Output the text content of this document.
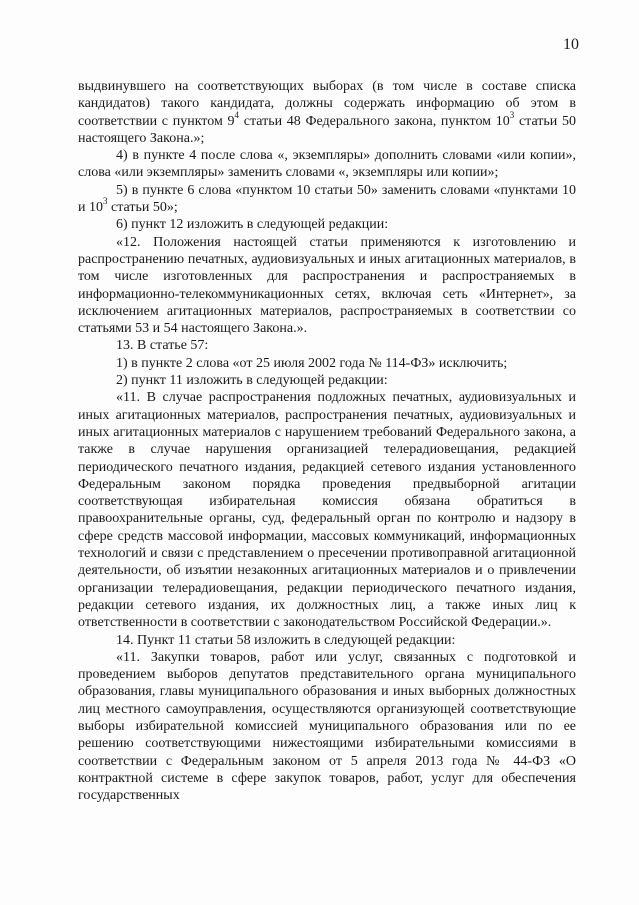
10

выдвинувшего на соответствующих выборах (в том числе в составе списка кандидатов) такого кандидата, должны содержать информацию об этом в соответствии с пунктом $9^4$ статьи 48 Федерального закона, пунктом $10^3$ статьи 50 настоящего Закона.»;

4) в пункте 4 после слова «, экземпляры» дополнить словами «или копии», слова «или экземпляры» заменить словами «, экземпляры или копии»;

5) в пункте 6 слова «пунктом 10 статьи 50» заменить словами «пунктами 10 и $10^3$ статьи 50»;

6) пункт 12 изложить в следующей редакции:

«12. Положения настоящей статьи применяются к изготовлению и распространению печатных, аудиовизуальных и иных агитационных материалов, в том числе изготовленных для распространения и распространяемых в информационно-телекоммуникационных сетях, включая сеть «Интернет», за исключением агитационных материалов, распространяемых в соответствии со статьями 53 и 54 настоящего Закона.».

13. В статье 57:

1) в пункте 2 слова «от 25 июля 2002 года № 114-ФЗ» исключить;

2) пункт 11 изложить в следующей редакции:

«11. В случае распространения подложных печатных, аудиовизуальных и иных агитационных материалов, распространения печатных, аудиовизуальных и иных агитационных материалов с нарушением требований Федерального закона, а также в случае нарушения организацией телерадиовещания, редакцией периодического печатного издания, редакцией сетевого издания установленного Федеральным законом порядка проведения предвыборной агитации соответствующая избирательная комиссия обязана обратиться в правоохранительные органы, суд, федеральный орган по контролю и надзору в сфере средств массовой информации, массовых коммуникаций, информационных технологий и связи с представлением о пресечении противоправной агитационной деятельности, об изъятии незаконных агитационных материалов и о привлечении организации телерадиовещания, редакции периодического печатного издания, редакции сетевого издания, их должностных лиц, а также иных лиц к ответственности в соответствии с законодательством Российской Федерации.».

14. Пункт 11 статьи 58 изложить в следующей редакции:

«11. Закупки товаров, работ или услуг, связанных с подготовкой и проведением выборов депутатов представительного органа муниципального образования, главы муниципального образования и иных выборных должностных лиц местного самоуправления, осуществляются организующей соответствующие выборы избирательной комиссией муниципального образования или по ее решению соответствующими нижестоящими избирательными комиссиями в соответствии с Федеральным законом от 5 апреля 2013 года № 44-ФЗ «О контрактной системе в сфере закупок товаров, работ, услуг для обеспечения государственных
